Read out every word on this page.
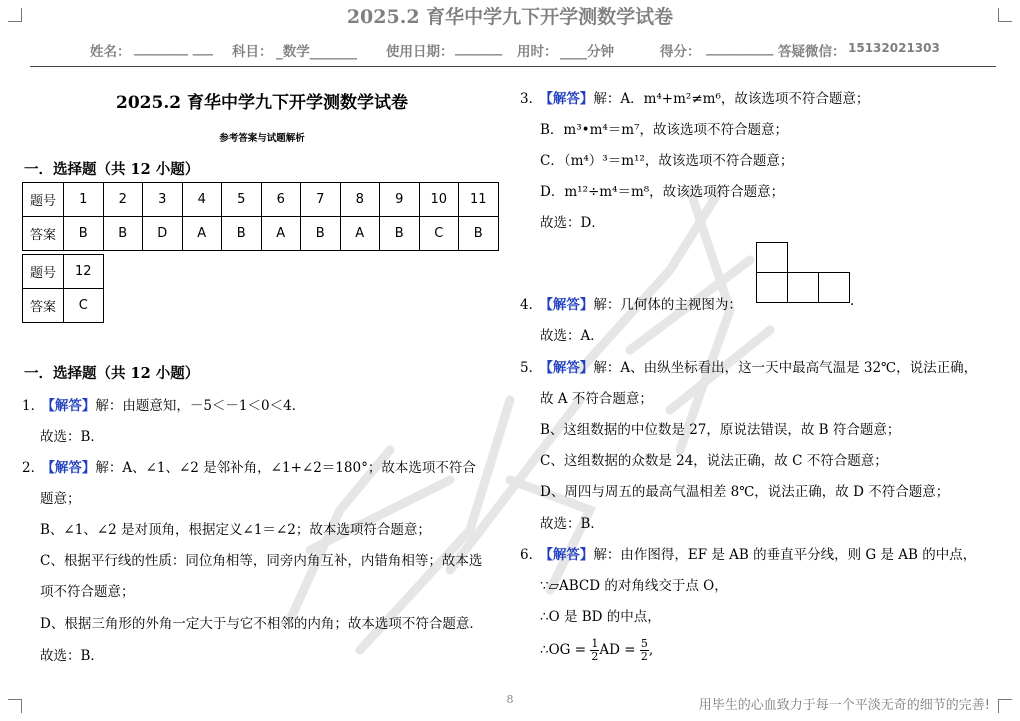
2025.2 育华中学九下开学测数学试卷
姓名： ________ ___ 科目： _数学_______ 使用日期： _______ 用时： ____分钟	得分： __________ 答疑微信： 15132021303
2025.2 育华中学九下开学测数学试卷
参考答案与试题解析
一．选择题（共 12 小题）
题号	1	2	3	4	5	6	7	8	9	10	11
答案	B	B	D	A	B	A	B	A	B	C	B
题号	12
答案	C
一．选择题（共 12 小题）
1． 【解答】解：由题意知，－5＜－1＜0＜4．
故选：B．
2． 【解答】解：A、∠1、∠2 是邻补角，∠1+∠2＝180°；故本选项不符合
题意；
B、∠1、∠2 是对顶角，根据定义∠1＝∠2；故本选项符合题意；
C、根据平行线的性质：同位角相等，同旁内角互补，内错角相等；故本选
项不符合题意；
D、根据三角形的外角一定大于与它不相邻的内角；故本选项不符合题意．
故选：B．
3． 【解答】解：A．m⁴+m²≠m⁶，故该选项不符合题意；
B．m³•m⁴＝m⁷，故该选项不符合题意；
C．（m⁴）³＝m¹²，故该选项不符合题意；
D．m¹²÷m⁴＝m⁸，故该选项符合题意；
故选：D．
4． 【解答】解：几何体的主视图为：	.
故选：A．
5． 【解答】解：A、由纵坐标看出，这一天中最高气温是 32℃，说法正确，
故 A 不符合题意；
B、这组数据的中位数是 27，原说法错误，故 B 符合题意；
C、这组数据的众数是 24，说法正确，故 C 不符合题意；
D、周四与周五的最高气温相差 8℃，说法正确，故 D 不符合题意；
故选：B．
6． 【解答】解：由作图得，EF 是 AB 的垂直平分线，则 G 是 AB 的中点，
∵▱ABCD 的对角线交于点 O，
∴O 是 BD 的中点，
∴OG = $\frac{1}{2}$ AD = $\frac{5}{2}$ ,
8	用毕生的心血致力于每一个平淡无奇的细节的完善!
